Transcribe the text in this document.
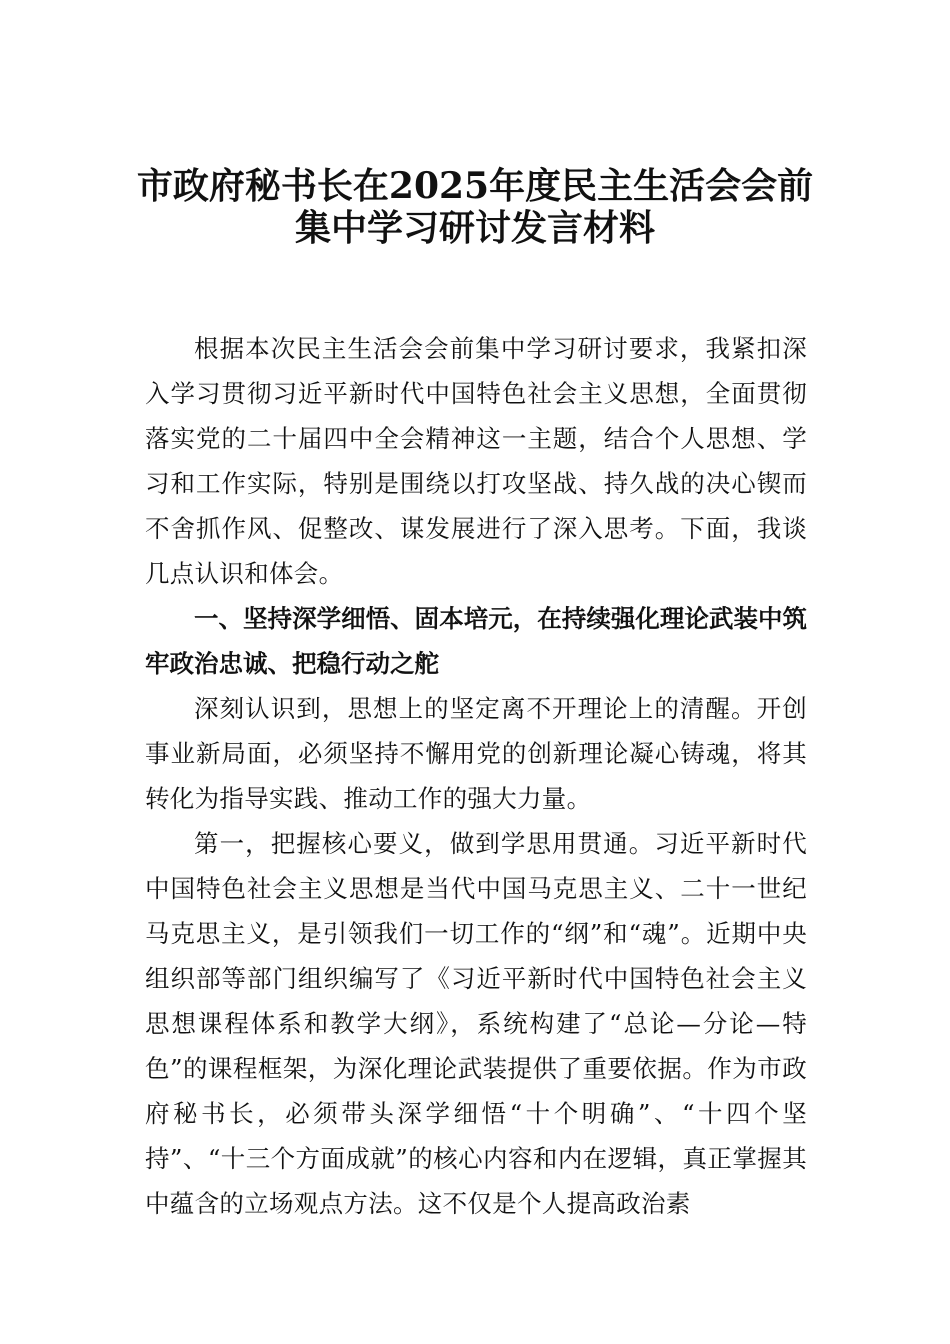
市政府秘书长在2025年度民主生活会会前
集中学习研讨发言材料

根据本次民主生活会会前集中学习研讨要求，我紧扣深入学习贯彻习近平新时代中国特色社会主义思想，全面贯彻落实党的二十届四中全会精神这一主题，结合个人思想、学习和工作实际，特别是围绕以打攻坚战、持久战的决心锲而不舍抓作风、促整改、谋发展进行了深入思考。下面，我谈几点认识和体会。

一、坚持深学细悟、固本培元，在持续强化理论武装中筑牢政治忠诚、把稳行动之舵

深刻认识到，思想上的坚定离不开理论上的清醒。开创事业新局面，必须坚持不懈用党的创新理论凝心铸魂，将其转化为指导实践、推动工作的强大力量。

第一，把握核心要义，做到学思用贯通。习近平新时代中国特色社会主义思想是当代中国马克思主义、二十一世纪马克思主义，是引领我们一切工作的“纲”和“魂”。近期中央组织部等部门组织编写了《习近平新时代中国特色社会主义思想课程体系和教学大纲》，系统构建了“总论—分论—特色”的课程框架，为深化理论武装提供了重要依据。作为市政府秘书长，必须带头深学细悟“十个明确”、“十四个坚持”、“十三个方面成就”的核心内容和内在逻辑，真正掌握其中蕴含的立场观点方法。这不仅是个人提高政治素
